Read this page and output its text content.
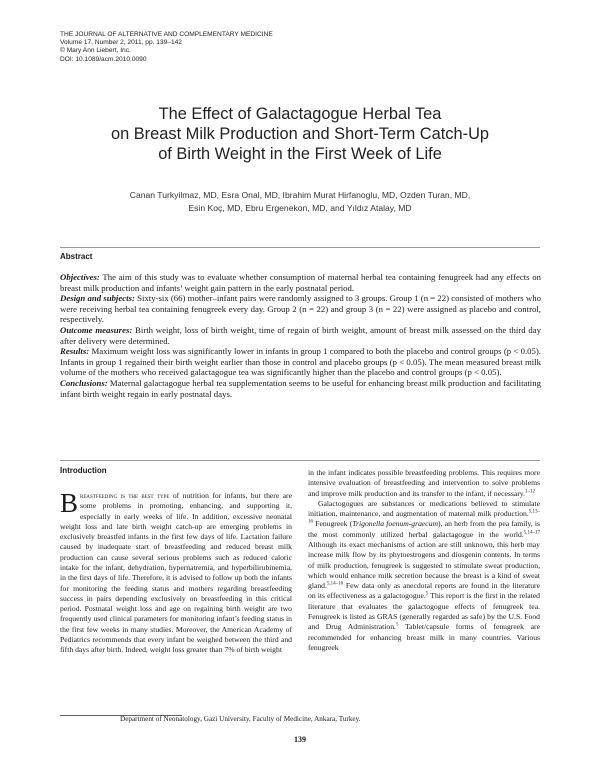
THE JOURNAL OF ALTERNATIVE AND COMPLEMENTARY MEDICINE
Volume 17, Number 2, 2011, pp. 139–142
© Mary Ann Liebert, Inc.
DOI: 10.1089/acm.2010.0090
The Effect of Galactagogue Herbal Tea
on Breast Milk Production and Short-Term Catch-Up
of Birth Weight in the First Week of Life
Canan Turkyilmaz, MD, Esra Onal, MD, Ibrahim Murat Hirfanoglu, MD, Ozden Turan, MD,
Esin Koç, MD, Ebru Ergenekon, MD, and Yıldız Atalay, MD
Abstract

Objectives: The aim of this study was to evaluate whether consumption of maternal herbal tea containing fenugreek had any effects on breast milk production and infants’ weight gain pattern in the early postnatal period.

Design and subjects: Sixty-six (66) mother–infant pairs were randomly assigned to 3 groups. Group 1 (n = 22) consisted of mothers who were receiving herbal tea containing fenugreek every day. Group 2 (n = 22) and group 3 (n = 22) were assigned as placebo and control, respectively.

Outcome measures: Birth weight, loss of birth weight, time of regain of birth weight, amount of breast milk assessed on the third day after delivery were determined.

Results: Maximum weight loss was significantly lower in infants in group 1 compared to both the placebo and control groups (p < 0.05). Infants in group 1 regained their birth weight earlier than those in control and placebo groups (p < 0.05). The mean measured breast milk volume of the mothers who received galactagogue tea was significantly higher than the placebo and control groups (p < 0.05).

Conclusions: Maternal galactagogue herbal tea supplementation seems to be useful for enhancing breast milk production and facilitating infant birth weight regain in early postnatal days.

Introduction

Breastfeeding is the best type of nutrition for infants, but there are some problems in promoting, enhancing, and supporting it, especially in early weeks of life. In addition, excessive neonatal weight loss and late birth weight catch-up are emerging problems in exclusively breastfed infants in the first few days of life. Lactation failure caused by inadequate start of breastfeeding and reduced breast milk production can cause several serious problems such as reduced caloric intake for the infant, dehydration, hypernatremia, and hyperbilirubinemia, in the first days of life. Therefore, it is advised to follow up both the infants for monitoring the feeding status and mothers regarding breastfeeding success in pairs depending exclusively on breastfeeding in this critical period. Postnatal weight loss and age on regaining birth weight are two frequently used clinical parameters for monitoring infant’s feeding status in the first few weeks in many studies. Moreover, the American Academy of Pediatrics recommends that every infant be weighed between the third and fifth days after birth. Indeed, weight loss greater than 7% of birth weight

in the infant indicates possible breastfeeding problems. This requires more intensive evaluation of breastfeeding and intervention to solve problems and improve milk production and its transfer to the infant, if necessary.$^{1-12}$

Galactogogues are substances or medications believed to stimulate initiation, maintenance, and augmentation of maternal milk production.$^{5,13-16}$ Fenugreek (Trigonella foenum-graecum), an herb from the pea family, is the most commonly utilized herbal galactagogue in the world.$^{5,14-17}$ Although its exact mechanisms of action are still unknown, this herb may increase milk flow by its phytoestrogens and diosgenin contents. In terms of milk production, fenugreek is suggested to stimulate sweat production, which would enhance milk secretion because the breast is a kind of sweat gland.$^{5,14-16}$ Few data only as anecdotal reports are found in the literature on its effectiveness as a galactogogue.$^5$ This report is the first in the related literature that evaluates the galactogogue effects of fenugreek tea. Fenugreek is listed as GRAS (generally regarded as safe) by the U.S. Food and Drug Administration.$^5$ Tablet/capsule forms of fenugreek are recommended for enhancing breast milk in many countries. Various fenugreek

Department of Neonatology, Gazi University, Faculty of Medicine, Ankara, Turkey.
139
